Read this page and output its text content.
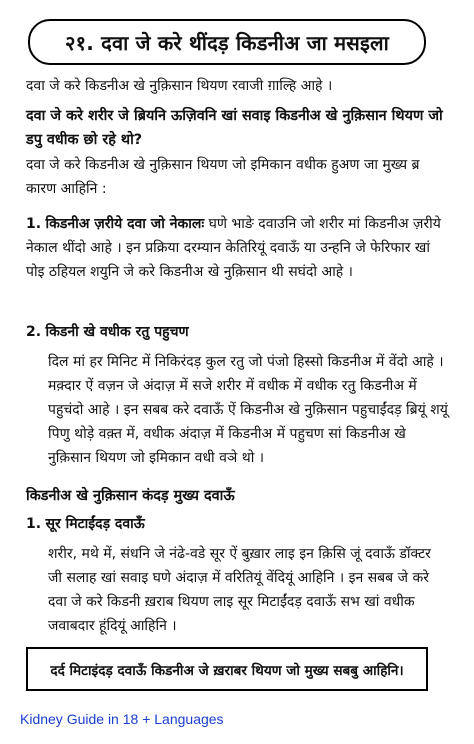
२१. दवा जे करे थींदड़ किडनीअ जा मसइला

दवा जे करे किडनीअ खे नुक़िसान थियण रवाजी ग़ाल्हि आहे ।

दवा जे करे शरीर जे ब्रियनि ऊज़िवनि खां सवाइ किडनीअ खे नुक़िसान थियण जो डपु वधीक छो रहे थो?

दवा जे करे किडनीअ खे नुक़िसान थियण जो इमिकान वधीक हुअण जा मुख्य ब्र कारण आहिनि :

1. किडनीअ ज़रीये दवा जो नेकालः घणे भाङे दवाउनि जो शरीर मां किडनीअ ज़रीये नेकाल थींदो आहे । इन प्रक्रिया दरम्यान केतिरियूं दवाऊँ या उन्हनि जे फेरिफार खां पोइ ठहियल शयुनि जे करे किडनीअ खे नुक़िसान थी सघंदो आहे ।

2. किडनी खे वधीक रतु पहुचण

दिल मां हर मिनिट में निकिरंदड़ कुल रतु जो पंजो हिस्सो किडनीअ में वेंदो आहे । मक़्दार ऐं वज़न जे अंदाज़ में सजे शरीर में वधीक में वधीक रतु किडनीअ में पहुचंदो आहे । इन सबब करे दवाऊँ ऐं किडनीअ खे नुक़िसान पहुचाईंदड़ ब्रियूं शयूं पिणु थोड़े वक़्त में, वधीक अंदाज़ में किडनीअ में पहुचण सां किडनीअ खे नुक़िसान थियण जो इमिकान वधी वञे थो ।

किडनीअ खे नुक़िसान कंदड़ मुख्य दवाऊँ

1. सूर मिटाईंदड़ दवाऊँ

शरीर, मथे में, संधनि जे नंढे-वडे सूर ऐं बुख़ार लाइ इन क़िसि जूं दवाऊँ डॉक्टर जी सलाह खां सवाइ घणे अंदाज़ में वरितियूं वेंदियूं आहिनि । इन सबब जे करे दवा जे करे किडनी ख़राब थियण लाइ सूर मिटाईंदड़ दवाऊँ सभ खां वधीक जवाबदार हूंदियूं आहिनि ।

दर्द मिटाइंदड़ दवाऊँ किडनीअ जे ख़राबर थियण जो मुख्य सबबु आहिनि।
Kidney Guide in 18 + Languages
